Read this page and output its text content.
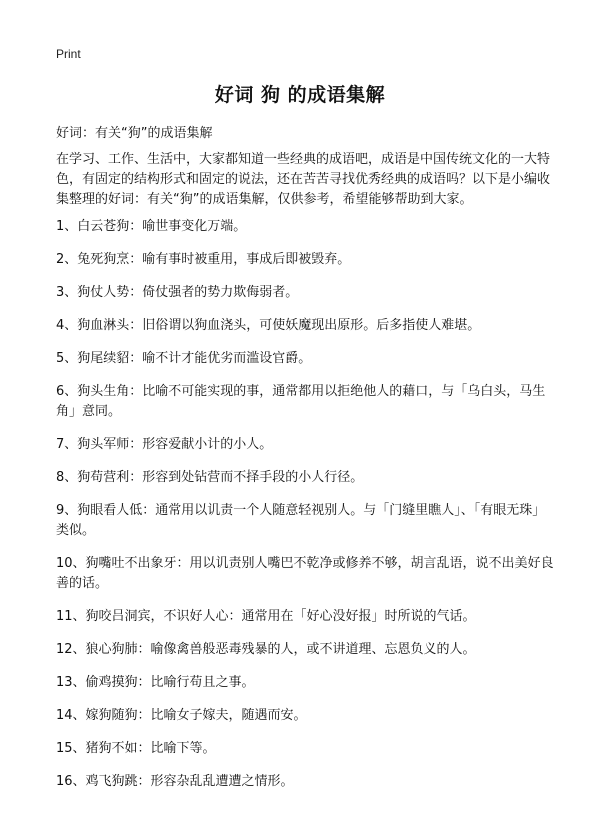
Print
好词 狗 的成语集解
好词：有关“狗”的成语集解
在学习、工作、生活中，大家都知道一些经典的成语吧，成语是中国传统文化的一大特色，有固定的结构形式和固定的说法，还在苦苦寻找优秀经典的成语吗？以下是小编收集整理的好词：有关“狗”的成语集解，仅供参考，希望能够帮助到大家。
1、白云苍狗：喻世事变化万端。
2、兔死狗烹：喻有事时被重用，事成后即被毁弃。
3、狗仗人势：倚仗强者的势力欺侮弱者。
4、狗血淋头：旧俗谓以狗血浇头，可使妖魔现出原形。后多指使人难堪。
5、狗尾续貂：喻不计才能优劣而滥设官爵。
6、狗头生角：比喻不可能实现的事，通常都用以拒绝他人的藉口，与「乌白头，马生角」意同。
7、狗头军师：形容爱献小计的小人。
8、狗苟营利：形容到处钻营而不择手段的小人行径。
9、狗眼看人低：通常用以讥责一个人随意轻视别人。与「门缝里瞧人」、「有眼无珠」类似。
10、狗嘴吐不出象牙：用以讥责别人嘴巴不乾净或修养不够，胡言乱语，说不出美好良善的话。
11、狗咬吕洞宾，不识好人心：通常用在「好心没好报」时所说的气话。
12、狼心狗肺：喻像禽兽般恶毒残暴的人，或不讲道理、忘恩负义的人。
13、偷鸡摸狗：比喻行苟且之事。
14、嫁狗随狗：比喻女子嫁夫，随遇而安。
15、猪狗不如：比喻下等。
16、鸡飞狗跳：形容杂乱乱遭遭之情形。
